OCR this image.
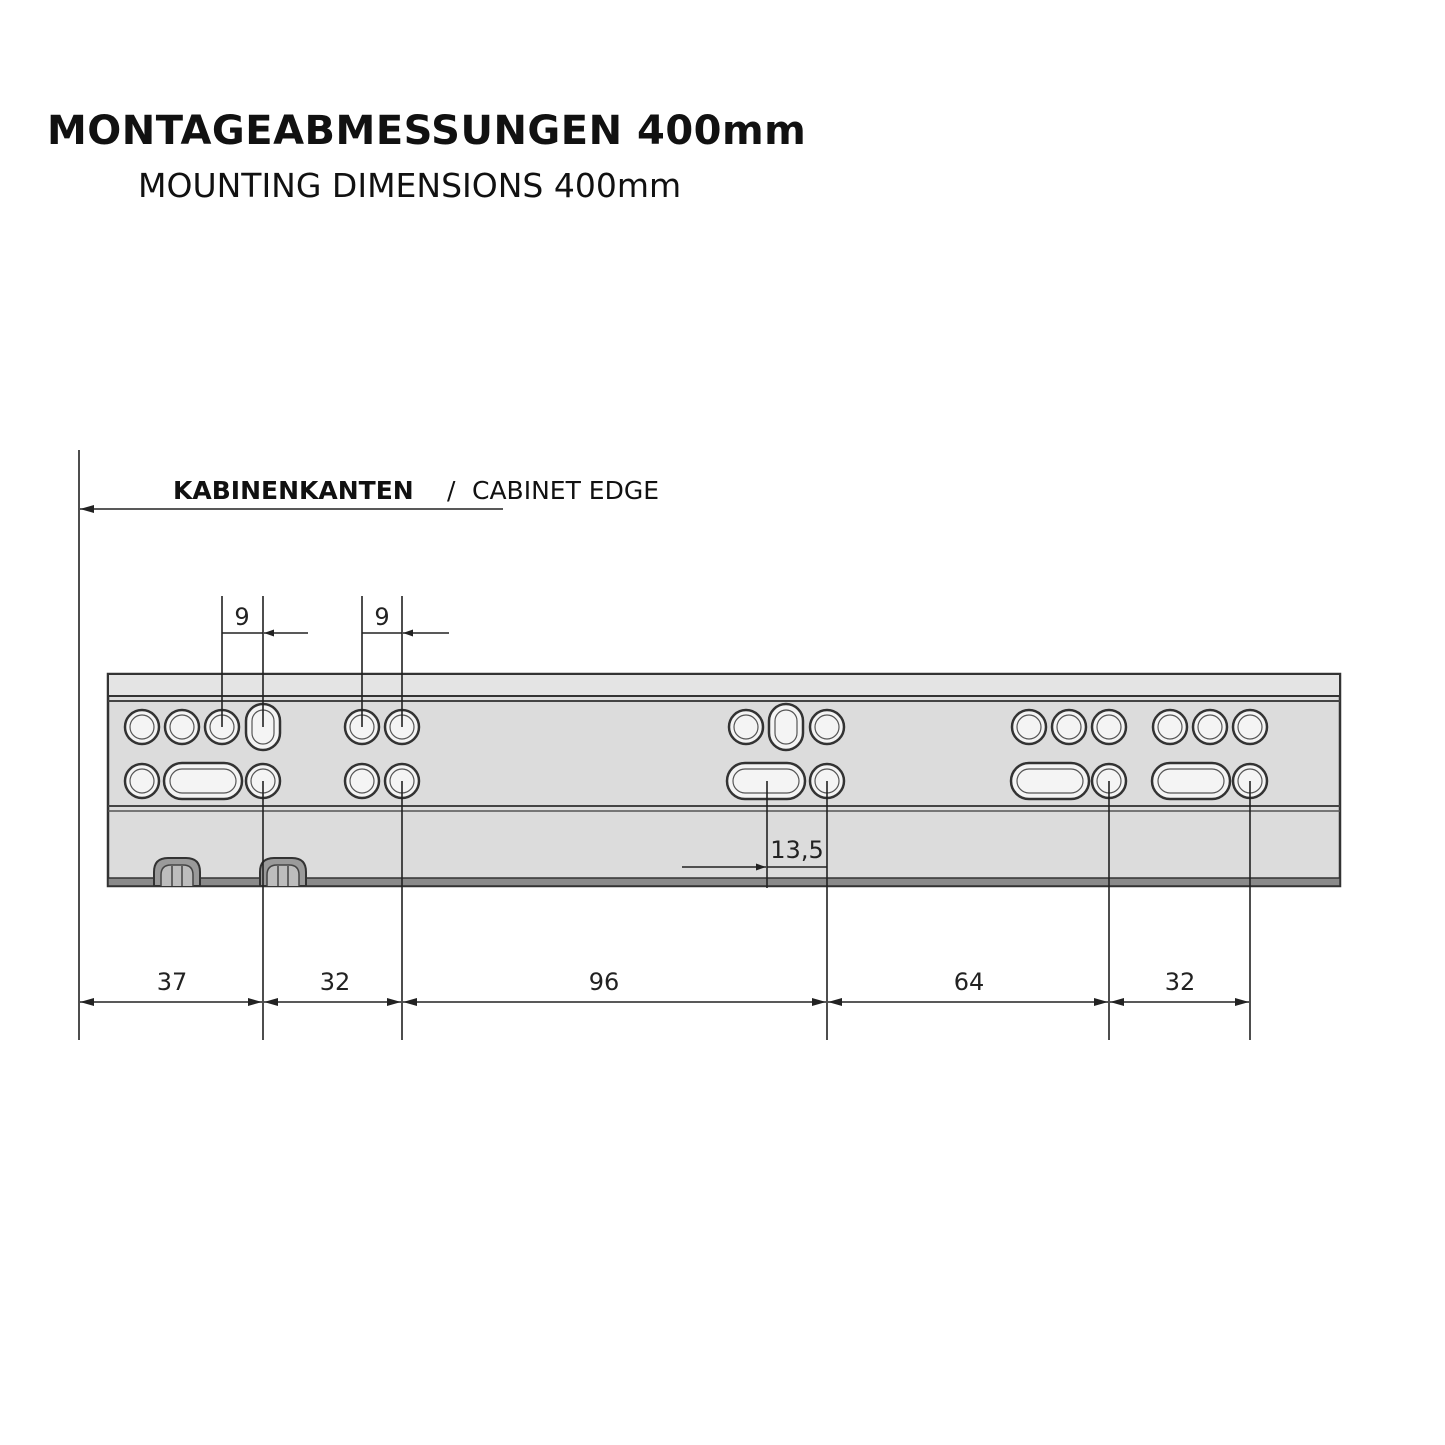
MONTAGEABMESSUNGEN 400mm
MOUNTING DIMENSIONS 400mm
KABINENKANTEN / CABINET EDGE
9	9
13,5
37	32	96	64	32
